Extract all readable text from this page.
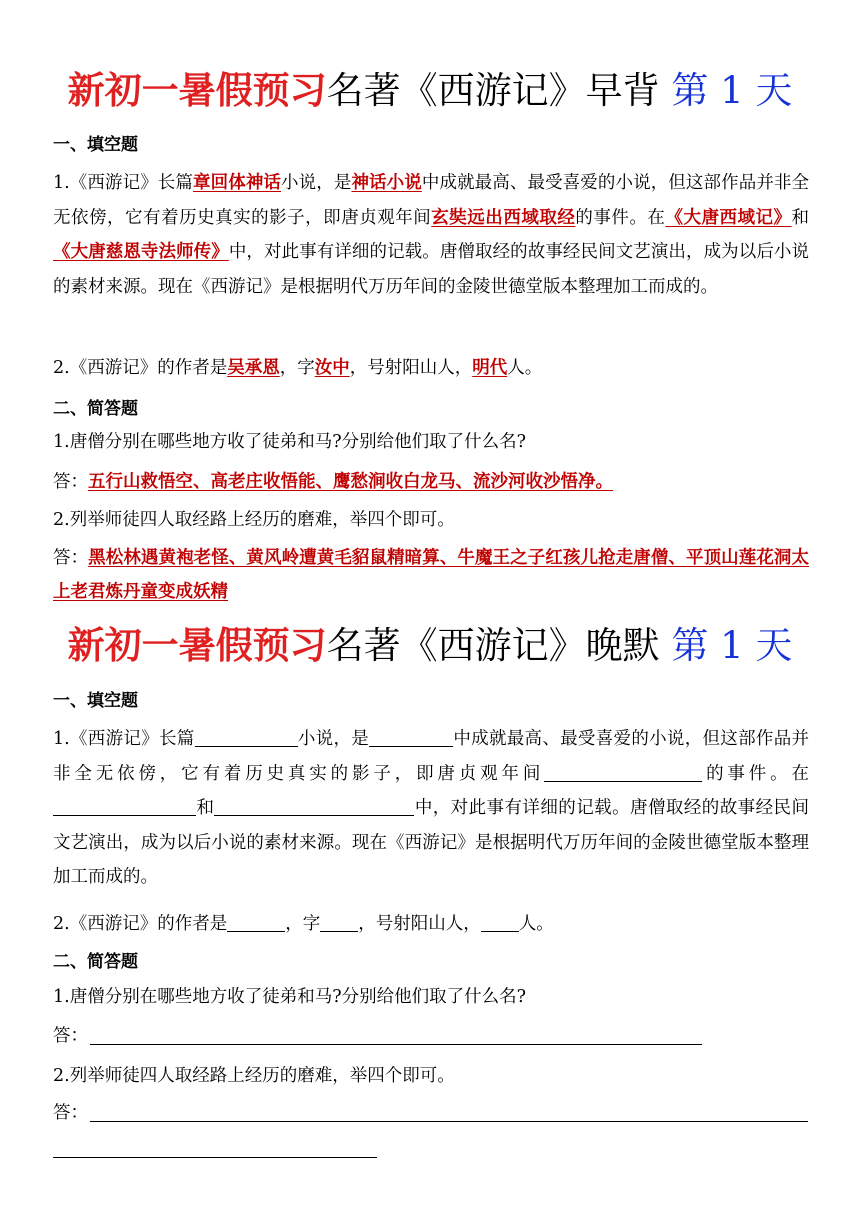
新初一暑假预习名著《西游记》早背 第 1 天
一、填空题
1.《西游记》长篇章回体神话小说，是神话小说中成就最高、最受喜爱的小说，但这部作品并非全无依傍，它有着历史真实的影子，即唐贞观年间玄奘远出西域取经的事件。在《大唐西域记》和《大唐慈恩寺法师传》中，对此事有详细的记载。唐僧取经的故事经民间文艺演出，成为以后小说的素材来源。现在《西游记》是根据明代万历年间的金陵世德堂版本整理加工而成的。
2.《西游记》的作者是吴承恩，字汝中，号射阳山人，明代人。
二、简答题
1.唐僧分别在哪些地方收了徒弟和马?分别给他们取了什么名?
答：五行山救悟空、高老庄收悟能、鹰愁涧收白龙马、流沙河收沙悟净。
2.列举师徒四人取经路上经历的磨难，举四个即可。
答：黑松林遇黄袍老怪、黄风岭遭黄毛貂鼠精暗算、牛魔王之子红孩儿抢走唐僧、平顶山莲花洞太上老君炼丹童变成妖精
新初一暑假预习名著《西游记》晚默 第 1 天
一、填空题
1.《西游记》长篇	小说，是	中成就最高、最受喜爱的小说，但这部作品并非全无依傍，它有着历史真实的影子，即唐贞观年间	的事件。在和	中，对此事有详细的记载。唐僧取经的故事经民间文艺演出，成为以后小说的素材来源。现在《西游记》是根据明代万历年间的金陵世德堂版本整理加工而成的。
2.《西游记》的作者是	，字 ，号射阳山人， 人。
二、简答题
1.唐僧分别在哪些地方收了徒弟和马?分别给他们取了什么名?
答：
2.列举师徒四人取经路上经历的磨难，举四个即可。
答：
